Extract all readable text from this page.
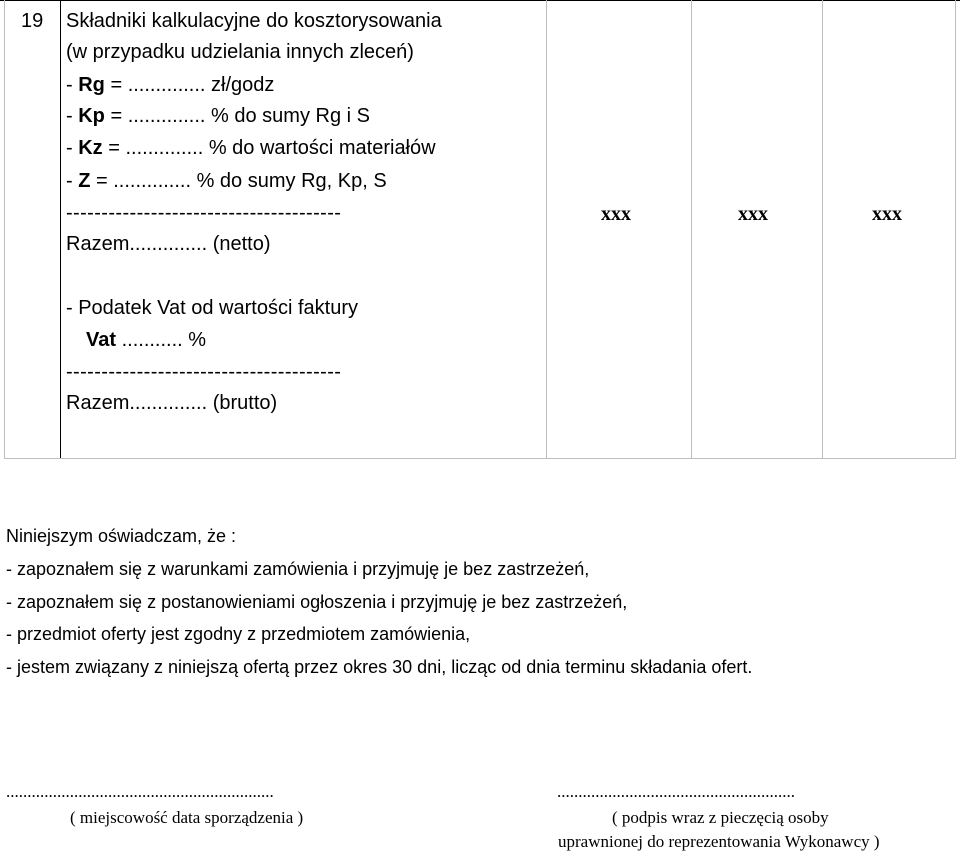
19 Składniki kalkulacyjne do kosztorysowania
(w przypadku udzielania innych zleceń)
- Rg = .............. zł/godz
- Kp = .............. % do sumy Rg i S
- Kz = .............. % do wartości materiałów
- Z = .............. % do sumy Rg, Kp, S
---------------------------------------
Razem.............. (netto)
- Podatek Vat od wartości faktury
Vat ........... %
---------------------------------------
Razem.............. (brutto)
xxx	xxx	xxx
Niniejszym oświadczam, że :
- zapoznałem się z warunkami zamówienia i przyjmuję je bez zastrzeżeń,
- zapoznałem się z postanowieniami ogłoszenia i przyjmuję je bez zastrzeżeń,
- przedmiot oferty jest zgodny z przedmiotem zamówienia,
- jestem związany z niniejszą ofertą przez okres 30 dni, licząc od dnia terminu składania ofert.
...............................................................
( miejscowość data sporządzenia )
........................................................
( podpis wraz z pieczęcią osoby
uprawnionej do reprezentowania Wykonawcy )
